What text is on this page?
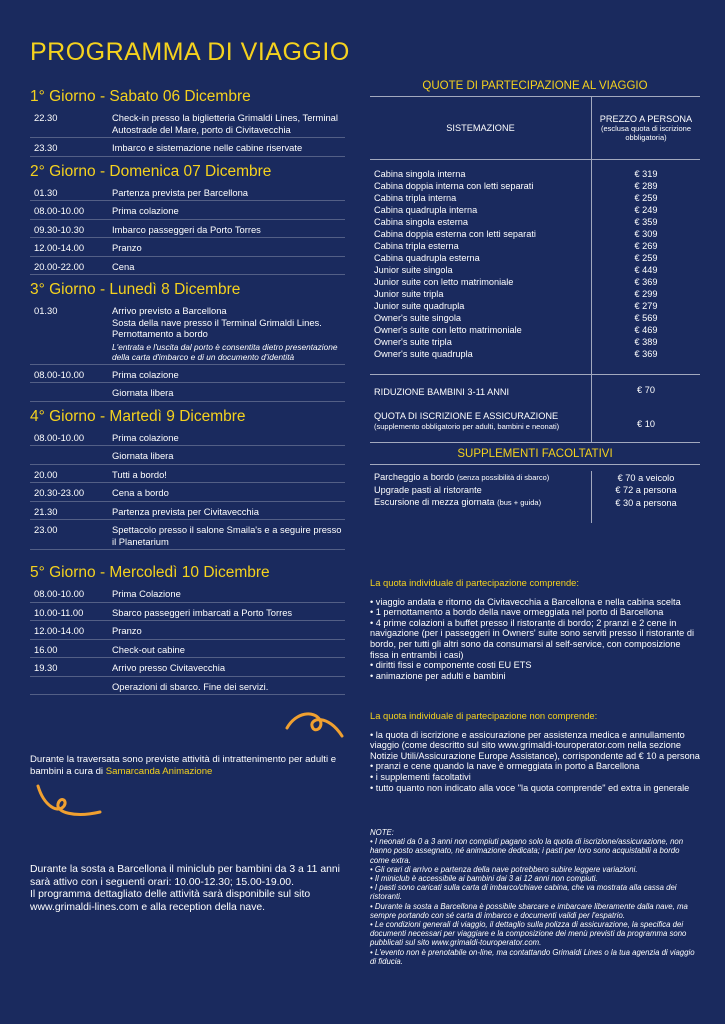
PROGRAMMA DI VIAGGIO
1° Giorno - Sabato 06 Dicembre
22.30	Check-in presso la biglietteria Grimaldi Lines, Terminal Autostrade del Mare, porto di Civitavecchia
23.30	Imbarco e sistemazione nelle cabine riservate
2° Giorno - Domenica 07 Dicembre
01.30	Partenza prevista per Barcellona
08.00-10.00	Prima colazione
09.30-10.30	Imbarco passeggeri da Porto Torres
12.00-14.00	Pranzo
20.00-22.00	Cena
3° Giorno - Lunedì 8 Dicembre
01.30	Arrivo previsto a Barcellona
Sosta della nave presso il Terminal Grimaldi Lines. Pernottamento a bordo
L'entrata e l'uscita dal porto è consentita dietro presentazione della carta d'imbarco e di un documento d'identità
08.00-10.00	Prima colazione
Giornata libera
4° Giorno - Martedì 9 Dicembre
08.00-10.00	Prima colazione
Giornata libera
20.00	Tutti a bordo!
20.30-23.00	Cena a bordo
21.30	Partenza prevista per Civitavecchia
23.00	Spettacolo presso il salone Smaila's e a seguire presso il Planetarium
5° Giorno - Mercoledì 10 Dicembre
08.00-10.00	Prima Colazione
10.00-11.00	Sbarco passeggeri imbarcati a Porto Torres
12.00-14.00	Pranzo
16.00	Check-out cabine
19.30	Arrivo presso Civitavecchia
Operazioni di sbarco. Fine dei servizi.
QUOTE DI PARTECIPAZIONE AL VIAGGIO
SISTEMAZIONE	PREZZO A PERSONA
(esclusa quota di iscrizione obbligatoria)

Cabina singola interna	€ 319
Cabina doppia interna con letti separati	€ 289
Cabina tripla interna	€ 259
Cabina quadrupla interna	€ 249
Cabina singola esterna	€ 359
Cabina doppia esterna con letti separati	€ 309
Cabina tripla esterna	€ 269
Cabina quadrupla esterna	€ 259
Junior suite singola	€ 449
Junior suite con letto matrimoniale	€ 369
Junior suite tripla	€ 299
Junior suite quadrupla	€ 279
Owner's suite singola	€ 569
Owner's suite con letto matrimoniale	€ 469
Owner's suite tripla	€ 389
Owner's suite quadrupla	€ 369

RIDUZIONE BAMBINI 3-11 ANNI	€ 70
QUOTA DI ISCRIZIONE E ASSICURAZIONE
(supplemento obbligatorio per adulti, bambini e neonati)	€ 10
SUPPLEMENTI FACOLTATIVI
Parcheggio a bordo (senza possibilità di sbarco)	€ 70 a veicolo
Upgrade pasti al ristorante	€ 72 a persona
Escursione di mezza giornata (bus + guida)	€ 30 a persona
La quota individuale di partecipazione comprende:
• viaggio andata e ritorno da Civitavecchia a Barcellona e nella cabina scelta
• 1 pernottamento a bordo della nave ormeggiata nel porto di Barcellona
• 4 prime colazioni a buffet presso il ristorante di bordo; 2 pranzi e 2 cene in navigazione (per i passeggeri in Owners' suite sono serviti presso il ristorante di bordo, per tutti gli altri sono da consumarsi al self-service, con composizione fissa in entrambi i casi)
• diritti fissi e componente costi EU ETS
• animazione per adulti e bambini
La quota individuale di partecipazione non comprende:
• la quota di iscrizione e assicurazione per assistenza medica e annullamento viaggio (come descritto sul sito www.grimaldi-touroperator.com nella sezione Notizie Utili/Assicurazione Europe Assistance), corrispondente ad € 10 a persona
• pranzi e cene quando la nave è ormeggiata in porto a Barcellona
• i supplementi facoltativi
• tutto quanto non indicato alla voce "la quota comprende" ed extra in generale
NOTE:
• I neonati da 0 a 3 anni non compiuti pagano solo la quota di iscrizione/assicurazione, non hanno posto assegnato, né animazione dedicata; i pasti per loro sono acquistabili a bordo come extra.
• Gli orari di arrivo e partenza della nave potrebbero subire leggere variazioni.
• Il miniclub è accessibile ai bambini dai 3 ai 12 anni non compiuti.
• I pasti sono caricati sulla carta di imbarco/chiave cabina, che va mostrata alla cassa dei ristoranti.
• Durante la sosta a Barcellona è possibile sbarcare e imbarcare liberamente dalla nave, ma sempre portando con sé carta di imbarco e documenti validi per l'espatrio.
• Le condizioni generali di viaggio, il dettaglio sulla polizza di assicurazione, la specifica dei documenti necessari per viaggiare e la composizione dei menù previsti da programma sono pubblicati sul sito www.grimaldi-touroperator.com.
• L'evento non è prenotabile on-line, ma contattando Grimaldi Lines o la tua agenzia di viaggio di fiducia.
Durante la traversata sono previste attività di intrattenimento per adulti e bambini a cura di Samarcanda Animazione
Durante la sosta a Barcellona il miniclub per bambini da 3 a 11 anni sarà attivo con i seguenti orari: 10.00-12.30; 15.00-19.00.
Il programma dettagliato delle attività sarà disponibile sul sito
www.grimaldi-lines.com e alla reception della nave.
